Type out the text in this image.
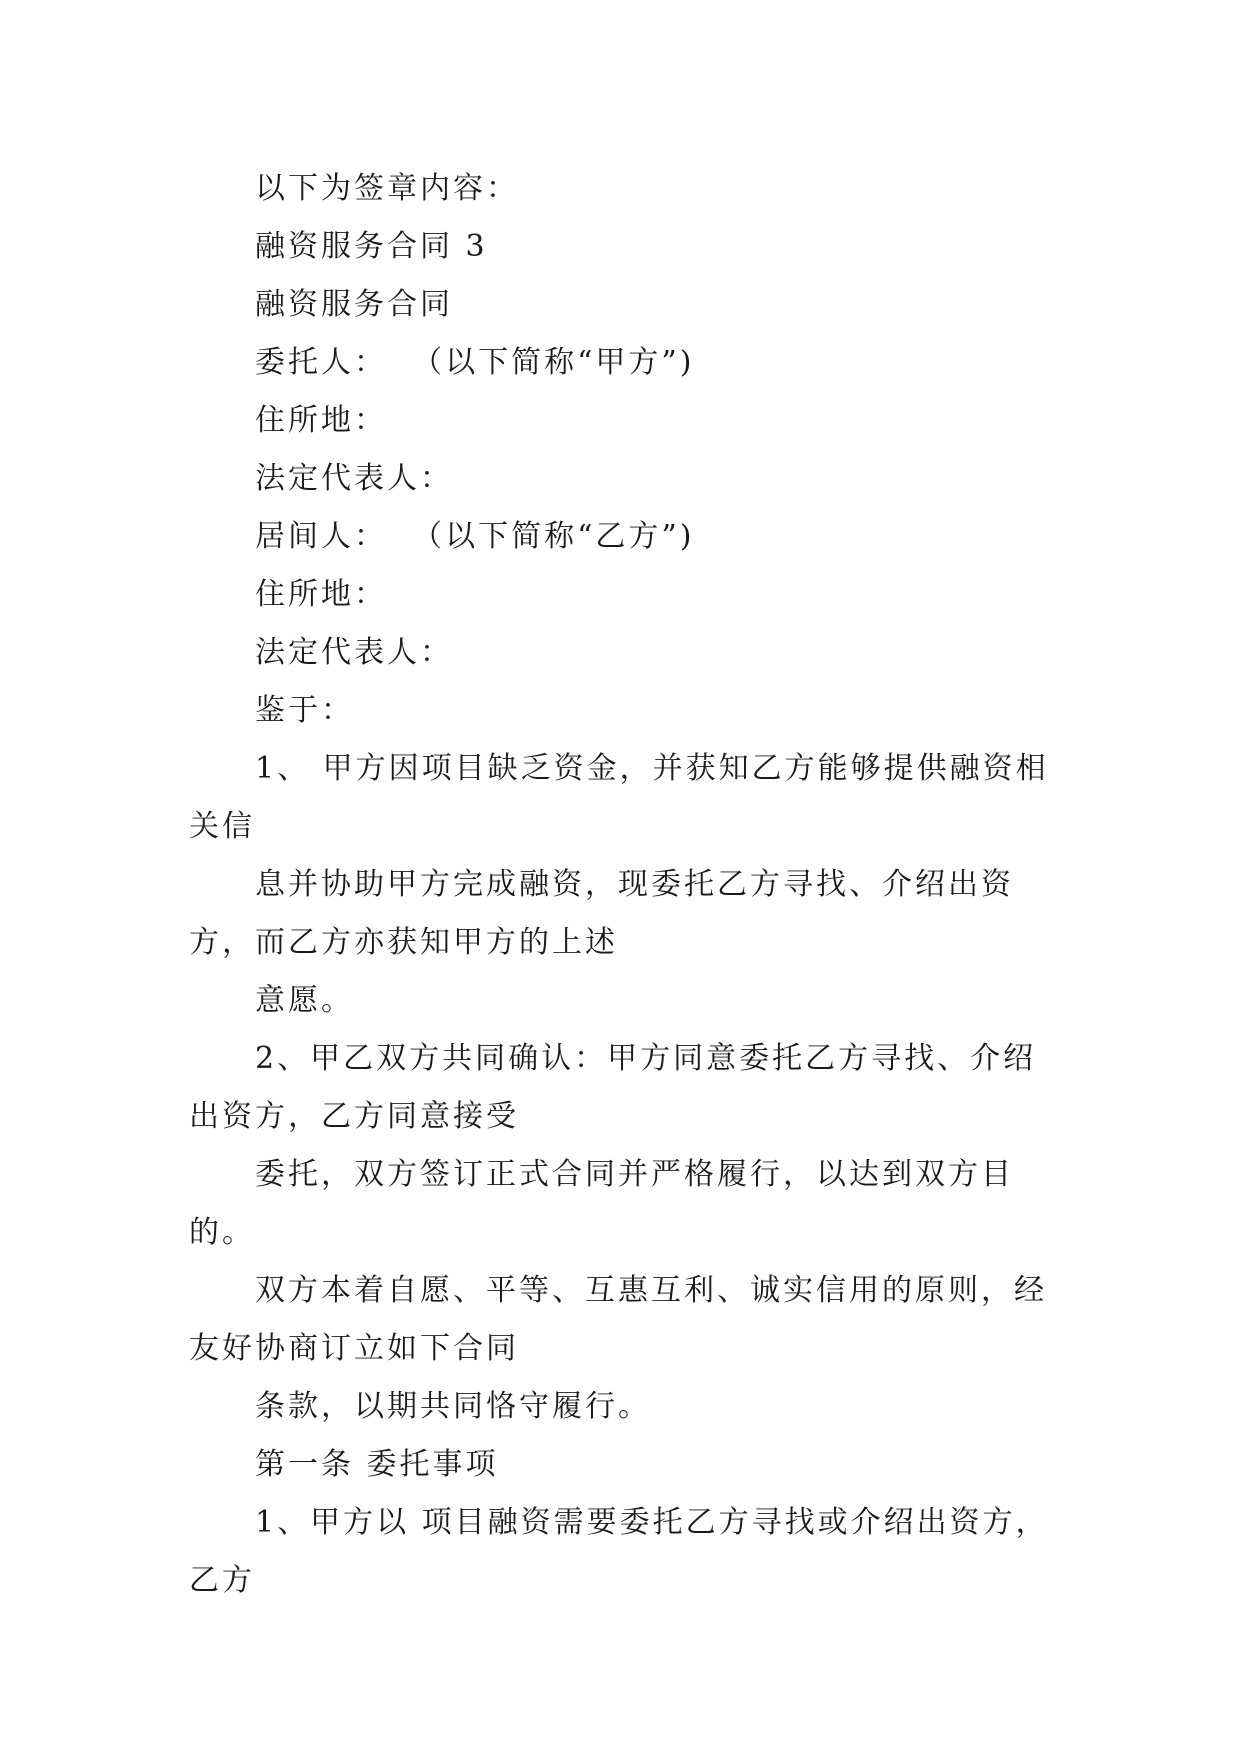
以下为签章内容：

融资服务合同 3

融资服务合同

委托人：  （以下简称“甲方”)

住所地：

法定代表人：

居间人：  （以下简称“乙方”)

住所地：

法定代表人：

鉴于：

1、 甲方因项目缺乏资金，并获知乙方能够提供融资相关信

息并协助甲方完成融资，现委托乙方寻找、介绍出资方，而乙方亦获知甲方的上述

意愿。

2、甲乙双方共同确认：甲方同意委托乙方寻找、介绍出资方，乙方同意接受

委托，双方签订正式合同并严格履行，以达到双方目的。

双方本着自愿、平等、互惠互利、诚实信用的原则，经友好协商订立如下合同

条款，以期共同恪守履行。

第一条 委托事项

1、甲方以 项目融资需要委托乙方寻找或介绍出资方，乙方
